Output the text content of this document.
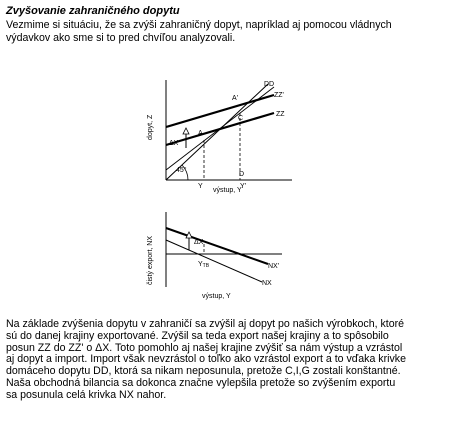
Zvyšovanie zahraničného dopytu
Vezmime si situáciu, že sa zvýši zahraničný dopyt, napríklad aj pomocou vládnych
výdavkov ako sme si to pred chvíľou analyzovali.
dopyt, Z
výstup, Y
DD
ZZ'
ZZ
A
A'
C
D
ΔX
45°
Y	Y'
čistý export, NX
výstup, Y
ΔX
YTB	NX'
NX
Na základe zvýšenia dopytu v zahraničí sa zvýšil aj dopyt po našich výrobkoch, ktoré
sú do danej krajiny exportované. Zvýšil sa teda export našej krajiny a to spôsobilo
posun ZZ do ZZ' o ΔX. Toto pomohlo aj našej krajine zvýšiť sa nám výstup a vzrástol
aj dopyt a import. Import však nevzrástol o toľko ako vzrástol export a to vďaka krivke
domáceho dopytu DD, ktorá sa nikam neposunula, pretože C,I,G zostali konštantné.
Naša obchodná bilancia sa dokonca značne vylepšila pretože so zvýšením exportu
sa posunula celá krivka NX nahor.
